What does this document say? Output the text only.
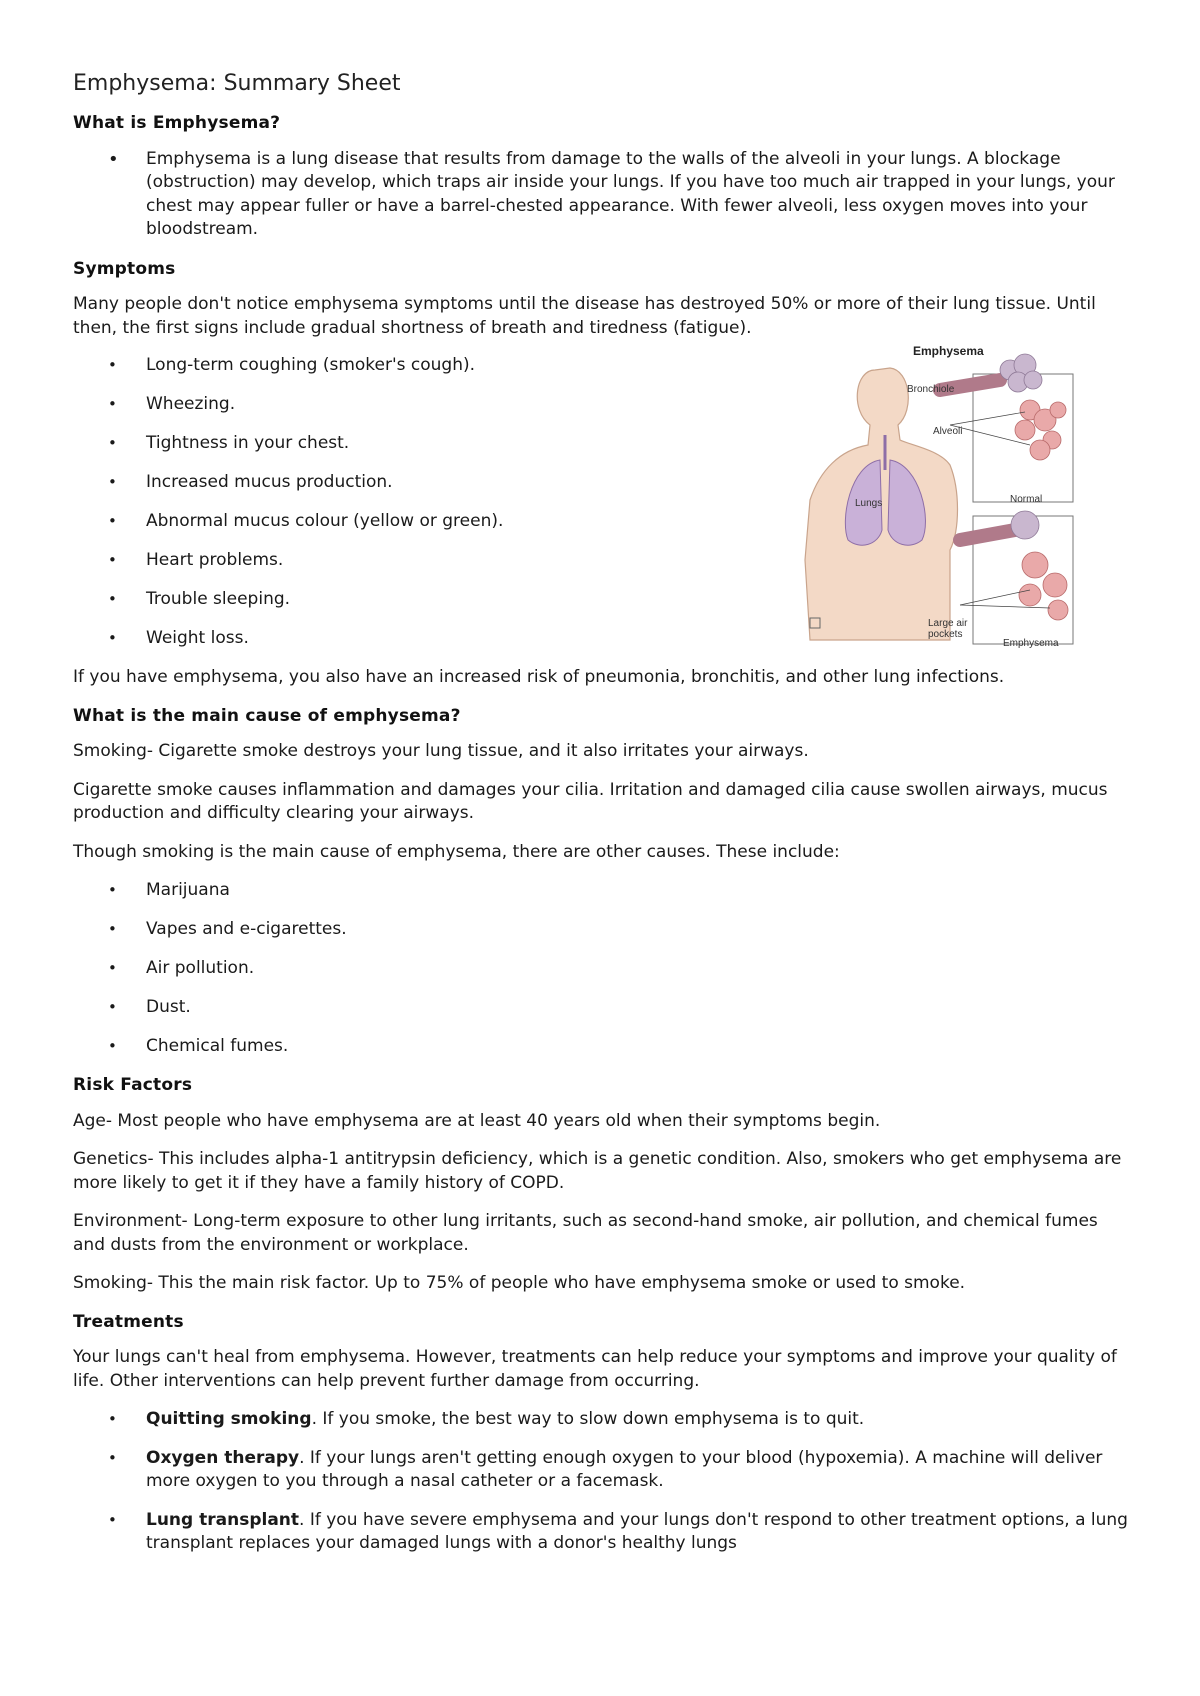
Emphysema
Bronchiole
Alveoli
Lungs	Normal
Large air pockets
Emphysema
Emphysema: Summary Sheet
What is Emphysema?
• Emphysema is a lung disease that results from damage to the walls of the alveoli in your lungs. A blockage (obstruction) may develop, which traps air inside your lungs. If you have too much air trapped in your lungs, your chest may appear fuller or have a barrel-chested appearance. With fewer alveoli, less oxygen moves into your bloodstream.
Symptoms

Many people don't notice emphysema symptoms until the disease has destroyed 50% or more of their lung tissue. Until then, the first signs include gradual shortness of breath and tiredness (fatigue).

• Long-term coughing (smoker's cough).
• Wheezing.
• Tightness in your chest.
• Increased mucus production.
• Abnormal mucus colour (yellow or green).
• Heart problems.
• Trouble sleeping.
• Weight loss.

If you have emphysema, you also have an increased risk of pneumonia, bronchitis, and other lung infections.

What is the main cause of emphysema?

Smoking- Cigarette smoke destroys your lung tissue, and it also irritates your airways.

Cigarette smoke causes inflammation and damages your cilia. Irritation and damaged cilia cause swollen airways, mucus production and difficulty clearing your airways.

Though smoking is the main cause of emphysema, there are other causes. These include:

• Marijuana
• Vapes and e-cigarettes.
• Air pollution.
• Dust.
• Chemical fumes.
Risk Factors

Age- Most people who have emphysema are at least 40 years old when their symptoms begin.

Genetics- This includes alpha-1 antitrypsin deficiency, which is a genetic condition. Also, smokers who get emphysema are more likely to get it if they have a family history of COPD.

Environment- Long-term exposure to other lung irritants, such as second-hand smoke, air pollution, and chemical fumes and dusts from the environment or workplace.

Smoking- This the main risk factor. Up to 75% of people who have emphysema smoke or used to smoke.

Treatments

Your lungs can't heal from emphysema. However, treatments can help reduce your symptoms and improve your quality of life. Other interventions can help prevent further damage from occurring.

• Quitting smoking. If you smoke, the best way to slow down emphysema is to quit.
• Oxygen therapy. If your lungs aren't getting enough oxygen to your blood (hypoxemia). A machine will deliver more oxygen to you through a nasal catheter or a facemask.
• Lung transplant. If you have severe emphysema and your lungs don't respond to other treatment options, a lung transplant replaces your damaged lungs with a donor's healthy lungs
